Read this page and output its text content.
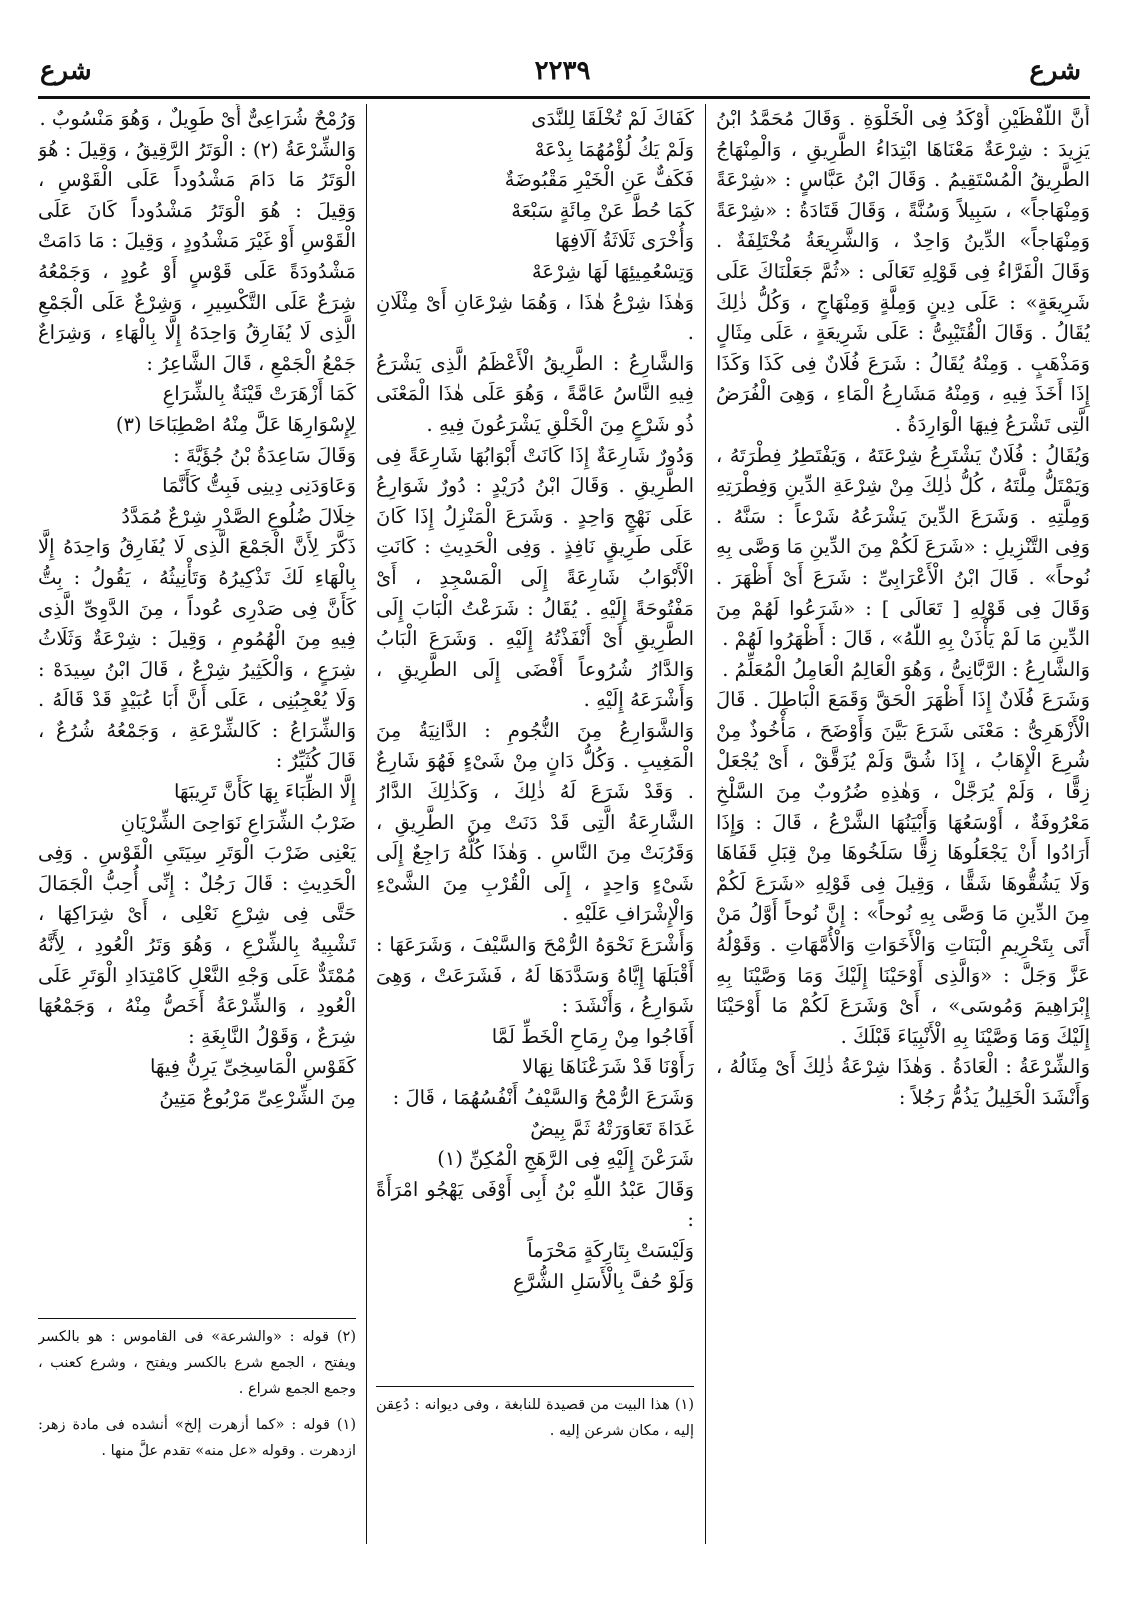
شرع	٢٢٣٩	شرع
أَنَّ اللَّفْظَيْنِ أَوْكَدُ فِى الْخَلْوَةِ . وَقَالَ مُحَمَّدُ ابْنُ يَزِيدَ : شِرْعَةٌ مَعْنَاهَا ابْتِدَاءُ الطَّرِيقِ ، وَالْمِنْهَاجُ الطَّرِيقُ الْمُسْتَقِيمُ . وَقَالَ ابْنُ عَبَّاسٍ : «شِرْعَةً وَمِنْهَاجاً» ، سَبِيلاً وَسُنَّةً ، وَقَالَ قَتَادَةُ : «شِرْعَةً وَمِنْهَاجاً» الدِّينُ وَاحِدٌ ، وَالشَّرِيعَةُ مُخْتَلِفَةٌ . وَقَالَ الْفَرَّاءُ فِى قَوْلِهِ تَعَالَى : «ثُمَّ جَعَلْنَاكَ عَلَى شَرِيعَةٍ» : عَلَى دِينٍ وَمِلَّةٍ وَمِنْهَاجٍ ، وَكُلُّ ذٰلِكَ يُقَالُ . وَقَالَ الْقُتَيْبِىُّ : عَلَى شَرِيعَةٍ ، عَلَى مِثَالٍ وَمَذْهَبٍ . وَمِنْهُ يُقَالُ : شَرَعَ فُلَانٌ فِى كَذَا وَكَذَا إِذَا أَخَذَ فِيهِ ، وَمِنْهُ مَشَارِعُ الْمَاءِ ، وَهِىَ الْفُرَضُ الَّتِى تَشْرَعُ فِيهَا الْوَارِدَةُ .
وَيُقَالُ : فُلَانٌ يَشْتَرِعُ شِرْعَتَهُ ، وَيَفْتَطِرُ فِطْرَتَهُ ، وَيَمْتَلُّ مِلَّتَهُ ، كُلُّ ذٰلِكَ مِنْ شِرْعَةِ الدِّينِ وَفِطْرَتِهِ وَمِلَّتِهِ . وَشَرَعَ الدِّينَ يَشْرَعُهُ شَرْعاً : سَنَّهُ . وَفِى التَّنْزِيلِ : «شَرَعَ لَكُمْ مِنَ الدِّينِ مَا وَصَّى بِهِ نُوحاً» . قَالَ ابْنُ الْأَعْرَابِىِّ : شَرَعَ أَىْ أَظْهَرَ . وَقَالَ فِى قَوْلِهِ [ تَعَالَى ] : «شَرَعُوا لَهُمْ مِنَ الدِّينِ مَا لَمْ يَأْذَنْ بِهِ اللّٰهُ» ، قَالَ : أَظْهَرُوا لَهُمْ .
وَالشَّارِعُ : الرَّبَّانِىُّ ، وَهُوَ الْعَالِمُ الْعَامِلُ الْمُعَلِّمُ .
وَشَرَعَ فُلَانٌ إِذَا أَظْهَرَ الْحَقَّ وَقَمَعَ الْبَاطِلَ . قَالَ الْأَزْهَرِىُّ : مَعْنَى شَرَعَ بَيَّنَ وَأَوْضَحَ ، مَأْخُوذٌ مِنْ شُرِعَ الْإِهَابُ ، إِذَا شُقَّ وَلَمْ يُزَقَّقْ ، أَىْ يُجْعَلْ زِقًّا ، وَلَمْ يُرَجَّلْ ، وَهٰذِهِ ضُرُوبٌ مِنَ السَّلْخِ مَعْرُوفَةٌ ، أَوْسَعُهَا وَأَبْيَنُهَا الشَّرْعُ ، قَالَ : وَإِذَا أَرَادُوا أَنْ يَجْعَلُوهَا زِقًّا سَلَخُوهَا مِنْ قِبَلِ قَفَاهَا وَلَا يَشُقُّوهَا شَقًّا ، وَقِيلَ فِى قَوْلِهِ «شَرَعَ لَكُمْ مِنَ الدِّينِ مَا وَصَّى بِهِ نُوحاً» : إِنَّ نُوحاً أَوَّلُ مَنْ أَتَى بِتَحْرِيمِ الْبَنَاتِ وَالْأَخَوَاتِ وَالْأُمَّهَاتِ . وَقَوْلُهُ عَزَّ وَجَلَّ : «وَالَّذِى أَوْحَيْنَا إِلَيْكَ وَمَا وَصَّيْنَا بِهِ إِبْرَاهِيمَ وَمُوسَى» ، أَىْ وَشَرَعَ لَكُمْ مَا أَوْحَيْنَا إِلَيْكَ وَمَا وَصَّيْنَا بِهِ الْأَنْبِيَاءَ قَبْلَكَ .
وَالشِّرْعَةُ : الْعَادَةُ . وَهٰذَا شِرْعَةُ ذٰلِكَ أَىْ مِثَالُهُ ، وَأَنْشَدَ الْخَلِيلُ يَذُمُّ رَجُلاً :
كَفَاكَ لَمْ تُخْلَقَا لِلنَّدَى
وَلَمْ يَكُ لُؤْمُهُمَا بِدْعَهْ
فَكَفٌّ عَنِ الْخَيْرِ مَقْبُوضَةٌ
كَمَا حُطَّ عَنْ مِائَةٍ سَبْعَهْ
وَأُخْرَى ثَلَاثَةُ آلَافِهَا
وَتِسْعُمِيئِهَا لَهَا شِرْعَهْ
وَهٰذَا شِرْعُ هٰذَا ، وَهُمَا شِرْعَانِ أَىْ مِثْلَانِ .
وَالشَّارِعُ : الطَّرِيقُ الْأَعْظَمُ الَّذِى يَشْرَعُ فِيهِ النَّاسُ عَامَّةً ، وَهُوَ عَلَى هٰذَا الْمَعْنَى ذُو شَرْعٍ مِنَ الْخَلْقِ يَشْرَعُونَ فِيهِ .
وَدُورٌ شَارِعَةٌ إِذَا كَانَتْ أَبْوَابُهَا شَارِعَةً فِى الطَّرِيقِ . وَقَالَ ابْنُ دُرَيْدٍ : دُورٌ شَوَارِعُ عَلَى نَهْجٍ وَاحِدٍ . وَشَرَعَ الْمَنْزِلُ إِذَا كَانَ عَلَى طَرِيقٍ نَافِذٍ . وَفِى الْحَدِيثِ : كَانَتِ الْأَبْوَابُ شَارِعَةً إِلَى الْمَسْجِدِ ، أَىْ مَفْتُوحَةً إِلَيْهِ . يُقَالُ : شَرَعْتُ الْبَابَ إِلَى الطَّرِيقِ أَىْ أَنْفَذْتُهُ إِلَيْهِ . وَشَرَعَ الْبَابُ وَالدَّارُ شُرُوعاً أَفْضَى إِلَى الطَّرِيقِ ، وَأَشْرَعَهُ إِلَيْهِ .
وَالشَّوَارِعُ مِنَ النُّجُومِ : الدَّانِيَةُ مِنَ الْمَغِيبِ . وَكُلُّ دَانٍ مِنْ شَىْءٍ فَهُوَ شَارِعٌ . وَقَدْ شَرَعَ لَهُ ذٰلِكَ ، وَكَذٰلِكَ الدَّارُ الشَّارِعَةُ الَّتِى قَدْ دَنَتْ مِنَ الطَّرِيقِ ، وَقَرُبَتْ مِنَ النَّاسِ . وَهٰذَا كُلُّهُ رَاجِعٌ إِلَى شَىْءٍ وَاحِدٍ ، إِلَى الْقُرْبِ مِنَ الشَّىْءِ وَالْإِشْرَافِ عَلَيْهِ .
وَأَشْرَعَ نَحْوَهُ الرُّمْحَ وَالسَّيْفَ ، وَشَرَعَهَا : أَقْبَلَهَا إِيَّاهُ وَسَدَّدَهَا لَهُ ، فَشَرَعَتْ ، وَهِىَ شَوَارِعُ ، وَأَنْشَدَ :
أَفَاجُوا مِنْ رِمَاحِ الْخَطِّ لَمَّا
رَأَوْنَا قَدْ شَرَعْنَاهَا نِهَالا
وَشَرَعَ الرُّمْحُ وَالسَّيْفُ أَنْفُسُهُمَا ، قَالَ :
غَدَاةَ تَعَاوَرَتْهُ ثَمَّ بِيضٌ
شَرَعْنَ إِلَيْهِ فِى الرَّهَجِ الْمُكِنِّ (١)
وَقَالَ عَبْدُ اللّٰهِ بْنُ أَبِى أَوْفَى يَهْجُو امْرَأَةً :
وَلَيْسَتْ بِتَارِكَةٍ مَحْرَماً
وَلَوْ حُفَّ بِالْأَسَلِ الشُّرَّعِ
وَرُمْحٌ شُرَاعِىٌّ أَىْ طَوِيلٌ ، وَهُوَ مَنْسُوبٌ .
وَالشِّرْعَةُ (٢) : الْوَتَرُ الرَّقِيقُ ، وَقِيلَ : هُوَ الْوَتَرُ مَا دَامَ مَشْدُوداً عَلَى الْقَوْسِ ، وَقِيلَ : هُوَ الْوَتَرُ مَشْدُوداً كَانَ عَلَى الْقَوْسِ أَوْ غَيْرَ مَشْدُودٍ ، وَقِيلَ : مَا دَامَتْ مَشْدُودَةً عَلَى قَوْسٍ أَوْ عُودٍ ، وَجَمْعُهُ شِرَعٌ عَلَى التَّكْسِيرِ ، وَشِرْعٌ عَلَى الْجَمْعِ الَّذِى لَا يُفَارِقُ وَاحِدَهُ إِلَّا بِالْهَاءِ ، وَشِرَاعٌ جَمْعُ الْجَمْعِ ، قَالَ الشَّاعِرُ :
كَمَا أَزْهَرَتْ قَيْنَةٌ بِالشِّرَاعِ
لِإِسْوَارِهَا عَلَّ مِنْهُ اصْطِبَاحَا (٣)
وَقَالَ سَاعِدَةُ بْنُ جُؤَيَّةَ :
وَعَاوَدَنِى دِينِى فَبِتُّ كَأَنَّمَا
خِلَالَ ضُلُوعِ الصَّدْرِ شِرْعٌ مُمَدَّدُ
ذَكَّرَ لِأَنَّ الْجَمْعَ الَّذِى لَا يُفَارِقُ وَاحِدَهُ إِلَّا بِالْهَاءِ لَكَ تَذْكِيرُهُ وَتَأْنِيثُهُ ، يَقُولُ : بِتُّ كَأَنَّ فِى صَدْرِى عُوداً ، مِنَ الدَّوِىِّ الَّذِى فِيهِ مِنَ الْهُمُومِ ، وَقِيلَ : شِرْعَةٌ وَثَلَاثُ شِرَعٍ ، وَالْكَثِيرُ شِرْعٌ ، قَالَ ابْنُ سِيدَهْ : وَلَا يُعْجِبُنِى ، عَلَى أَنَّ أَبَا عُبَيْدٍ قَدْ قَالَهُ . وَالشِّرَاعُ : كَالشِّرْعَةِ ، وَجَمْعُهُ شُرُعٌ ، قَالَ كُثَيِّرٌ :
إِلَّا الظِّبَاءَ بِهَا كَأَنَّ تَرِيبَهَا
ضَرْبُ الشِّرَاعِ نَوَاحِىَ الشِّرْيَانِ
يَعْنِى ضَرْبَ الْوَتَرِ سِيَتَىِ الْقَوْسِ . وَفِى الْحَدِيثِ : قَالَ رَجُلٌ : إِنِّى أُحِبُّ الْجَمَالَ حَتَّى فِى شِرْعِ نَعْلِى ، أَىْ شِرَاكِهَا ، تَشْبِيهٌ بِالشِّرْعِ ، وَهُوَ وَتَرُ الْعُودِ ، لِأَنَّهُ مُمْتَدٌّ عَلَى وَجْهِ النَّعْلِ كَامْتِدَادِ الْوَتَرِ عَلَى الْعُودِ ، وَالشِّرْعَةُ أَخَصُّ مِنْهُ ، وَجَمْعُهَا شِرَعٌ ، وَقَوْلُ النَّابِغَةِ :
كَقَوْسِ الْمَاسِخِىِّ يَرِنُّ فِيهَا
مِنَ الشِّرْعِىِّ مَرْبُوعٌ مَتِينُ
(١) هذا البيت من قصيدة للنابغة ، وفى ديوانه : دُعِقن إليه ، مكان شرعن إليه .
(٢) قوله : «والشرعة» فى القاموس : هو بالكسر ويفتح ، الجمع شرع بالكسر ويفتح ، وشرع كعنب ، وجمع الجمع شراع .
(١) قوله : «كما أزهرت إلخ» أنشده فى مادة زهر: ازدهرت . وقوله «عل منه» تقدم علَّ منها .
